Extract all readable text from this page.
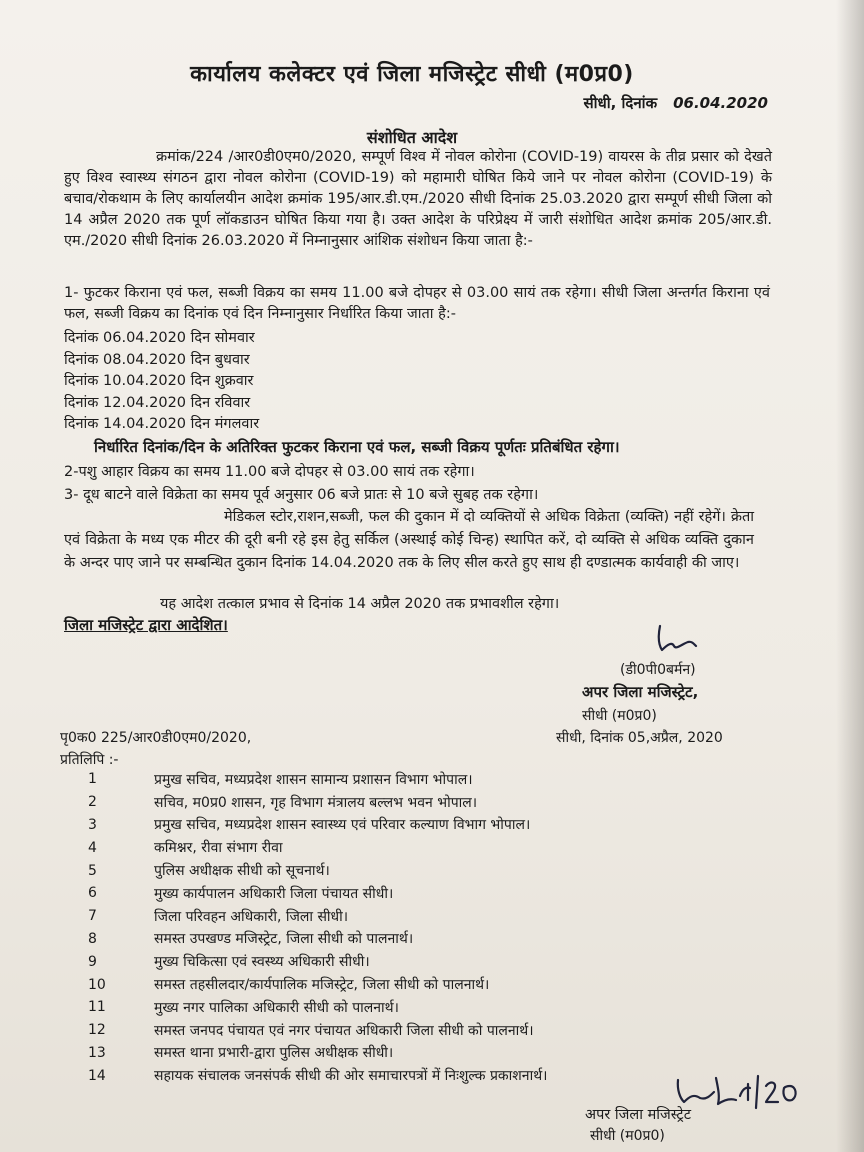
कार्यालय कलेक्टर एवं जिला मजिस्ट्रेट सीधी (म0प्र0)
सीधी, दिनांक 06.04.2020
संशोधित आदेश
क्रमांक/224 /आर0डी0एम0/2020, सम्पूर्ण विश्व में नोवल कोरोना (COVID-19) वायरस के तीव्र प्रसार को देखते हुए विश्व स्वास्थ्य संगठन द्वारा नोवल कोरोना (COVID-19) को महामारी घोषित किये जाने पर नोवल कोरोना (COVID-19) के बचाव/रोकथाम के लिए कार्यालयीन आदेश क्रमांक 195/आर.डी.एम./2020 सीधी दिनांक 25.03.2020 द्वारा सम्पूर्ण सीधी जिला को 14 अप्रैल 2020 तक पूर्ण लॉकडाउन घोषित किया गया है। उक्त आदेश के परिप्रेक्ष्य में जारी संशोधित आदेश क्रमांक 205/आर.डी. एम./2020 सीधी दिनांक 26.03.2020 में निम्नानुसार आंशिक संशोधन किया जाता है:-
1- फुटकर किराना एवं फल, सब्जी विक्रय का समय 11.00 बजे दोपहर से 03.00 सायं तक रहेगा। सीधी जिला अन्तर्गत किराना एवं फल, सब्जी विक्रय का दिनांक एवं दिन निम्नानुसार निर्धारित किया जाता है:-
दिनांक 06.04.2020 दिन सोमवार
दिनांक 08.04.2020 दिन बुधवार
दिनांक 10.04.2020 दिन शुक्रवार
दिनांक 12.04.2020 दिन रविवार
दिनांक 14.04.2020 दिन मंगलवार
निर्धारित दिनांक/दिन के अतिरिक्त फुटकर किराना एवं फल, सब्जी विक्रय पूर्णतः प्रतिबंधित रहेगा।
2-पशु आहार विक्रय का समय 11.00 बजे दोपहर से 03.00 सायं तक रहेगा।
3- दूध बाटने वाले विक्रेता का समय पूर्व अनुसार 06 बजे प्रातः से 10 बजे सुबह तक रहेगा।
मेडिकल स्टोर,राशन,सब्जी, फल की दुकान में दो व्यक्तियों से अधिक विक्रेता (व्यक्ति) नहीं रहेगें। क्रेता एवं विक्रेता के मध्य एक मीटर की दूरी बनी रहे इस हेतु सर्किल (अस्थाई कोई चिन्ह) स्थापित करें, दो व्यक्ति से अधिक व्यक्ति दुकान के अन्दर पाए जाने पर सम्बन्धित दुकान दिनांक 14.04.2020 तक के लिए सील करते हुए साथ ही दण्डात्मक कार्यवाही की जाए।
यह आदेश तत्काल प्रभाव से दिनांक 14 अप्रैल 2020 तक प्रभावशील रहेगा।
जिला मजिस्ट्रेट द्वारा आदेशित।
(डी0पी0बर्मन)
अपर जिला मजिस्ट्रेट,
सीधी (म0प्र0)
पृ0क0 225/आर0डी0एम0/2020,	सीधी, दिनांक 05,अप्रैल, 2020
प्रतिलिपि :-
1	प्रमुख सचिव, मध्यप्रदेश शासन सामान्य प्रशासन विभाग भोपाल।
2	सचिव, म0प्र0 शासन, गृह विभाग मंत्रालय बल्लभ भवन भोपाल।
3	प्रमुख सचिव, मध्यप्रदेश शासन स्वास्थ्य एवं परिवार कल्याण विभाग भोपाल।
4	कमिश्नर, रीवा संभाग रीवा
5	पुलिस अधीक्षक सीधी को सूचनार्थ।
6	मुख्य कार्यपालन अधिकारी जिला पंचायत सीधी।
7	जिला परिवहन अधिकारी, जिला सीधी।
8	समस्त उपखण्ड मजिस्ट्रेट, जिला सीधी को पालनार्थ।
9	मुख्य चिकित्सा एवं स्वस्थ्य अधिकारी सीधी।
10	समस्त तहसीलदार/कार्यपालिक मजिस्ट्रेट, जिला सीधी को पालनार्थ।
11	मुख्य नगर पालिका अधिकारी सीधी को पालनार्थ।
12	समस्त जनपद पंचायत एवं नगर पंचायत अधिकारी जिला सीधी को पालनार्थ।
13	समस्त थाना प्रभारी-द्वारा पुलिस अधीक्षक सीधी।
14	सहायक संचालक जनसंपर्क सीधी की ओर समाचारपत्रों में निःशुल्क प्रकाशनार्थ।
अपर जिला मजिस्ट्रेट
सीधी (म0प्र0)
